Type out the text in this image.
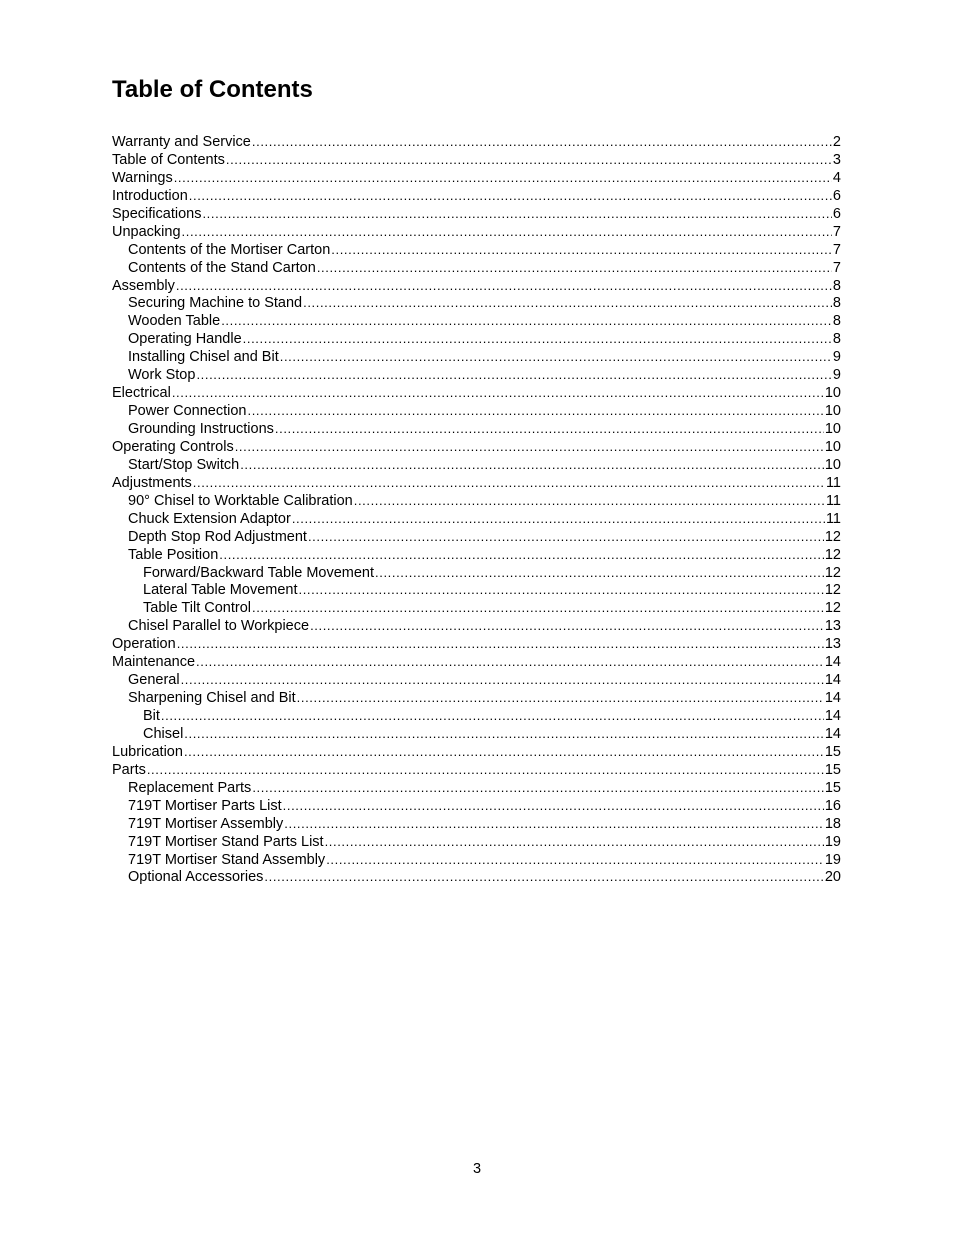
Table of Contents
Warranty and Service .....	2
Table of Contents .....	3
Warnings .....	4
Introduction .....	6
Specifications .....	6
Unpacking .....	7
Contents of the Mortiser Carton .....	7
Contents of the Stand Carton .....	7
Assembly .....	8
Securing Machine to Stand .....	8
Wooden Table .....	8
Operating Handle .....	8
Installing Chisel and Bit .....	9
Work Stop .....	9
Electrical .....	10
Power Connection .....	10
Grounding Instructions .....	10
Operating Controls .....	10
Start/Stop Switch .....	10
Adjustments .....	11
90° Chisel to Worktable Calibration .....	11
Chuck Extension Adaptor .....	11
Depth Stop Rod Adjustment .....	12
Table Position .....	12
Forward/Backward Table Movement .....	12
Lateral Table Movement .....	12
Table Tilt Control .....	12
Chisel Parallel to Workpiece .....	13
Operation .....	13
Maintenance .....	14
General .....	14
Sharpening Chisel and Bit .....	14
Bit .....	14
Chisel .....	14
Lubrication .....	15
Parts .....	15
Replacement Parts .....	15
719T Mortiser Parts List .....	16
719T Mortiser Assembly .....	18
719T Mortiser Stand Parts List .....	19
719T Mortiser Stand Assembly .....	19
Optional Accessories .....	20
3
